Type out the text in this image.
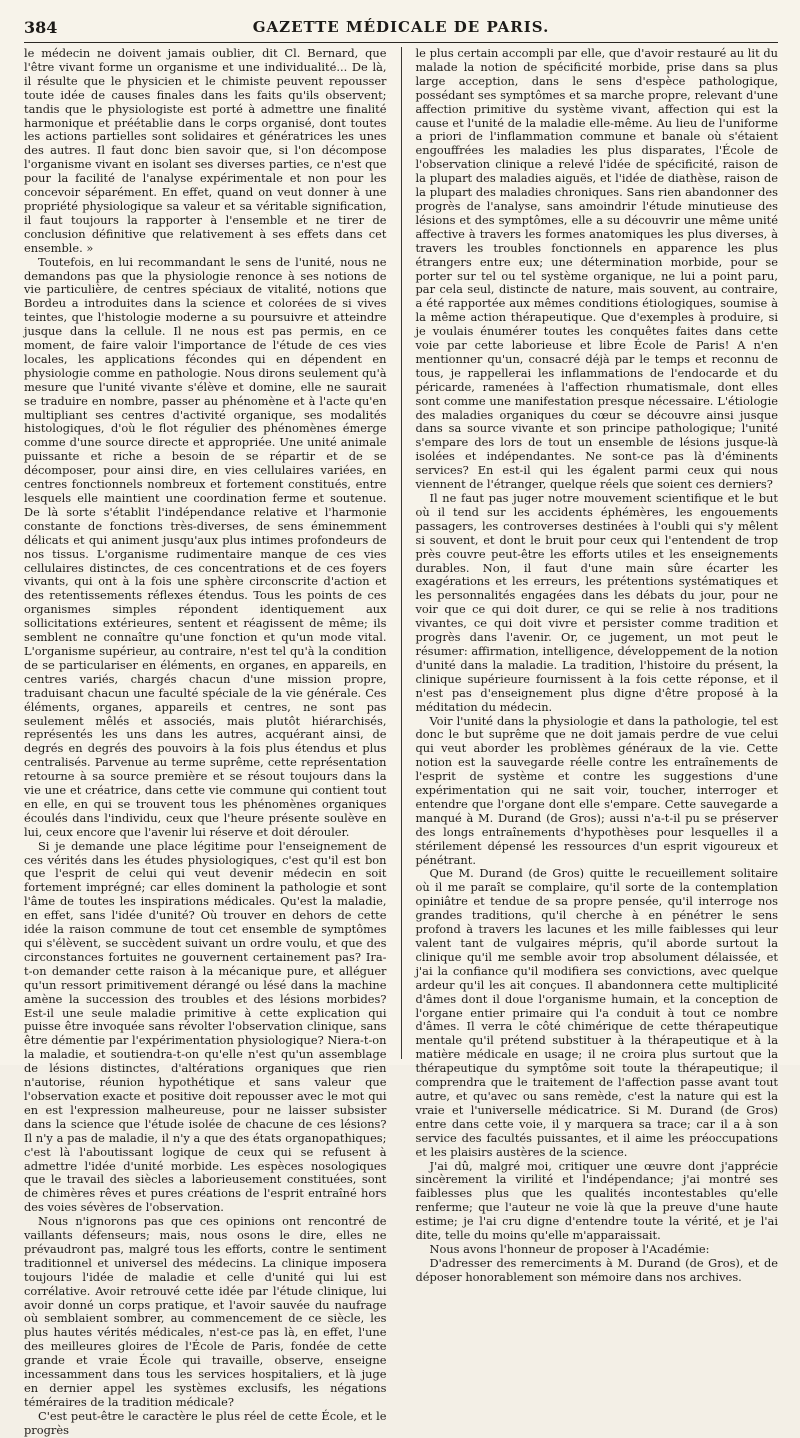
384	GAZETTE MÉDICALE DE PARIS.

le médecin ne doivent jamais oublier, dit Cl. Bernard, que l'être vivant forme un organisme et une individualité... De là, il résulte que le physicien et le chimiste peuvent repousser toute idée de causes finales dans les faits qu'ils observent; tandis que le physiologiste est porté à admettre une finalité harmonique et préétablie dans le corps organisé, dont toutes les actions partielles sont solidaires et génératrices les unes des autres. Il faut donc bien savoir que, si l'on décompose l'organisme vivant en isolant ses diverses parties, ce n'est que pour la facilité de l'analyse expérimentale et non pour les concevoir séparément. En effet, quand on veut donner à une propriété physiologique sa valeur et sa véritable signification, il faut toujours la rapporter à l'ensemble et ne tirer de conclusion définitive que relativement à ses effets dans cet ensemble. »

Toutefois, en lui recommandant le sens de l'unité, nous ne demandons pas que la physiologie renonce à ses notions de vie particulière, de centres spéciaux de vitalité, notions que Bordeu a introduites dans la science et colorées de si vives teintes, que l'histologie moderne a su poursuivre et atteindre jusque dans la cellule. Il ne nous est pas permis, en ce moment, de faire valoir l'importance de l'étude de ces vies locales, les applications fécondes qui en dépendent en physiologie comme en pathologie. Nous dirons seulement qu'à mesure que l'unité vivante s'élève et domine, elle ne saurait se traduire en nombre, passer au phénomène et à l'acte qu'en multipliant ses centres d'activité organique, ses modalités histologiques, d'où le flot régulier des phénomènes émerge comme d'une source directe et appropriée. Une unité animale puissante et riche a besoin de se répartir et de se décomposer, pour ainsi dire, en vies cellulaires variées, en centres fonctionnels nombreux et fortement constitués, entre lesquels elle maintient une coordination ferme et soutenue. De là sorte s'établit l'indépendance relative et l'harmonie constante de fonctions très-diverses, de sens éminemment délicats et qui animent jusqu'aux plus intimes profondeurs de nos tissus. L'organisme rudimentaire manque de ces vies cellulaires distinctes, de ces concentrations et de ces foyers vivants, qui ont à la fois une sphère circonscrite d'action et des retentissements réflexes étendus. Tous les points de ces organismes simples répondent identiquement aux sollicitations extérieures, sentent et réagissent de même; ils semblent ne connaître qu'une fonction et qu'un mode vital. L'organisme supérieur, au contraire, n'est tel qu'à la condition de se particulariser en éléments, en organes, en appareils, en centres variés, chargés chacun d'une mission propre, traduisant chacun une faculté spéciale de la vie générale. Ces éléments, organes, appareils et centres, ne sont pas seulement mêlés et associés, mais plutôt hiérarchisés, représentés les uns dans les autres, acquérant ainsi, de degrés en degrés des pouvoirs à la fois plus étendus et plus centralisés. Parvenue au terme suprême, cette représentation retourne à sa source première et se résout toujours dans la vie une et créatrice, dans cette vie commune qui contient tout en elle, en qui se trouvent tous les phénomènes organiques écoulés dans l'individu, ceux que l'heure présente soulève en lui, ceux encore que l'avenir lui réserve et doit dérouler.

Si je demande une place légitime pour l'enseignement de ces vérités dans les études physiologiques, c'est qu'il est bon que l'esprit de celui qui veut devenir médecin en soit fortement imprégné; car elles dominent la pathologie et sont l'âme de toutes les inspirations médicales. Qu'est la maladie, en effet, sans l'idée d'unité? Où trouver en dehors de cette idée la raison commune de tout cet ensemble de symptômes qui s'élèvent, se succèdent suivant un ordre voulu, et que des circonstances fortuites ne gouvernent certainement pas? Ira-t-on demander cette raison à la mécanique pure, et alléguer qu'un ressort primitivement dérangé ou lésé dans la machine amène la succession des troubles et des lésions morbides? Est-il une seule maladie primitive à cette explication qui puisse être invoquée sans révolter l'observation clinique, sans être démentie par l'expérimentation physiologique? Niera-t-on la maladie, et soutiendra-t-on qu'elle n'est qu'un assemblage de lésions distinctes, d'altérations organiques que rien n'autorise, réunion hypothétique et sans valeur que l'observation exacte et positive doit repousser avec le mot qui en est l'expression malheureuse, pour ne laisser subsister dans la science que l'étude isolée de chacune de ces lésions? Il n'y a pas de maladie, il n'y a que des états organopathiques; c'est là l'aboutissant logique de ceux qui se refusent à admettre l'idée d'unité morbide. Les espèces nosologiques que le travail des siècles a laborieusement constituées, sont de chimères rêves et pures créations de l'esprit entraîné hors des voies sévères de l'observation.

Nous n'ignorons pas que ces opinions ont rencontré de vaillants défenseurs; mais, nous osons le dire, elles ne prévaudront pas, malgré tous les efforts, contre le sentiment traditionnel et universel des médecins. La clinique imposera toujours l'idée de maladie et celle d'unité qui lui est corrélative. Avoir retrouvé cette idée par l'étude clinique, lui avoir donné un corps pratique, et l'avoir sauvée du naufrage où semblaient sombrer, au commencement de ce siècle, les plus hautes vérités médicales, n'est-ce pas là, en effet, l'une des meilleures gloires de l'École de Paris, fondée de cette grande et vraie École qui travaille, observe, enseigne incessamment dans tous les services hospitaliers, et là juge en dernier appel les systèmes exclusifs, les négations téméraires de la tradition médicale?

C'est peut-être le caractère le plus réel de cette École, et le progrès

le plus certain accompli par elle, que d'avoir restauré au lit du malade la notion de spécificité morbide, prise dans sa plus large acception, dans le sens d'espèce pathologique, possédant ses symptômes et sa marche propre, relevant d'une affection primitive du système vivant, affection qui est la cause et l'unité de la maladie elle-même. Au lieu de l'uniforme a priori de l'inflammation commune et banale où s'étaient engouffrées les maladies les plus disparates, l'École de l'observation clinique a relevé l'idée de spécificité, raison de la plupart des maladies aiguës, et l'idée de diathèse, raison de la plupart des maladies chroniques. Sans rien abandonner des progrès de l'analyse, sans amoindrir l'étude minutieuse des lésions et des symptômes, elle a su découvrir une même unité affective à travers les formes anatomiques les plus diverses, à travers les troubles fonctionnels en apparence les plus étrangers entre eux; une détermination morbide, pour se porter sur tel ou tel système organique, ne lui a point paru, par cela seul, distincte de nature, mais souvent, au contraire, a été rapportée aux mêmes conditions étiologiques, soumise à la même action thérapeutique. Que d'exemples à produire, si je voulais énumérer toutes les conquêtes faites dans cette voie par cette laborieuse et libre École de Paris! A n'en mentionner qu'un, consacré déjà par le temps et reconnu de tous, je rappellerai les inflammations de l'endocarde et du péricarde, ramenées à l'affection rhumatismale, dont elles sont comme une manifestation presque nécessaire. L'étiologie des maladies organiques du cœur se découvre ainsi jusque dans sa source vivante et son principe pathologique; l'unité s'empare des lors de tout un ensemble de lésions jusque-là isolées et indépendantes. Ne sont-ce pas là d'éminents services? En est-il qui les égalent parmi ceux qui nous viennent de l'étranger, quelque réels que soient ces derniers?

Il ne faut pas juger notre mouvement scientifique et le but où il tend sur les accidents éphémères, les engouements passagers, les controverses destinées à l'oubli qui s'y mêlent si souvent, et dont le bruit pour ceux qui l'entendent de trop près couvre peut-être les efforts utiles et les enseignements durables. Non, il faut d'une main sûre écarter les exagérations et les erreurs, les prétentions systématiques et les personnalités engagées dans les débats du jour, pour ne voir que ce qui doit durer, ce qui se relie à nos traditions vivantes, ce qui doit vivre et persister comme tradition et progrès dans l'avenir. Or, ce jugement, un mot peut le résumer: affirmation, intelligence, développement de la notion d'unité dans la maladie. La tradition, l'histoire du présent, la clinique supérieure fournissent à la fois cette réponse, et il n'est pas d'enseignement plus digne d'être proposé à la méditation du médecin.

Voir l'unité dans la physiologie et dans la pathologie, tel est donc le but suprême que ne doit jamais perdre de vue celui qui veut aborder les problèmes généraux de la vie. Cette notion est la sauvegarde réelle contre les entraînements de l'esprit de système et contre les suggestions d'une expérimentation qui ne sait voir, toucher, interroger et entendre que l'organe dont elle s'empare. Cette sauvegarde a manqué à M. Durand (de Gros); aussi n'a-t-il pu se préserver des longs entraînements d'hypothèses pour lesquelles il a stérilement dépensé les ressources d'un esprit vigoureux et pénétrant.

Que M. Durand (de Gros) quitte le recueillement solitaire où il me paraît se complaire, qu'il sorte de la contemplation opiniâtre et tendue de sa propre pensée, qu'il interroge nos grandes traditions, qu'il cherche à en pénétrer le sens profond à travers les lacunes et les mille faiblesses qui leur valent tant de vulgaires mépris, qu'il aborde surtout la clinique qu'il me semble avoir trop absolument délaissée, et j'ai la confiance qu'il modifiera ses convictions, avec quelque ardeur qu'il les ait conçues. Il abandonnera cette multiplicité d'âmes dont il doue l'organisme humain, et la conception de l'organe entier primaire qui l'a conduit à tout ce nombre d'âmes. Il verra le côté chimérique de cette thérapeutique mentale qu'il prétend substituer à la thérapeutique et à la matière médicale en usage; il ne croira plus surtout que la thérapeutique du symptôme soit toute la thérapeutique; il comprendra que le traitement de l'affection passe avant tout autre, et qu'avec ou sans remède, c'est la nature qui est la vraie et l'universelle médicatrice. Si M. Durand (de Gros) entre dans cette voie, il y marquera sa trace; car il a à son service des facultés puissantes, et il aime les préoccupations et les plaisirs austères de la science.

J'ai dû, malgré moi, critiquer une œuvre dont j'apprécie sincèrement la virilité et l'indépendance; j'ai montré ses faiblesses plus que les qualités incontestables qu'elle renferme; que l'auteur ne voie là que la preuve d'une haute estime; je l'ai cru digne d'entendre toute la vérité, et je l'ai dite, telle du moins qu'elle m'apparaissait.

Nous avons l'honneur de proposer à l'Académie:

D'adresser des remerciments à M. Durand (de Gros), et de déposer honorablement son mémoire dans nos archives.
